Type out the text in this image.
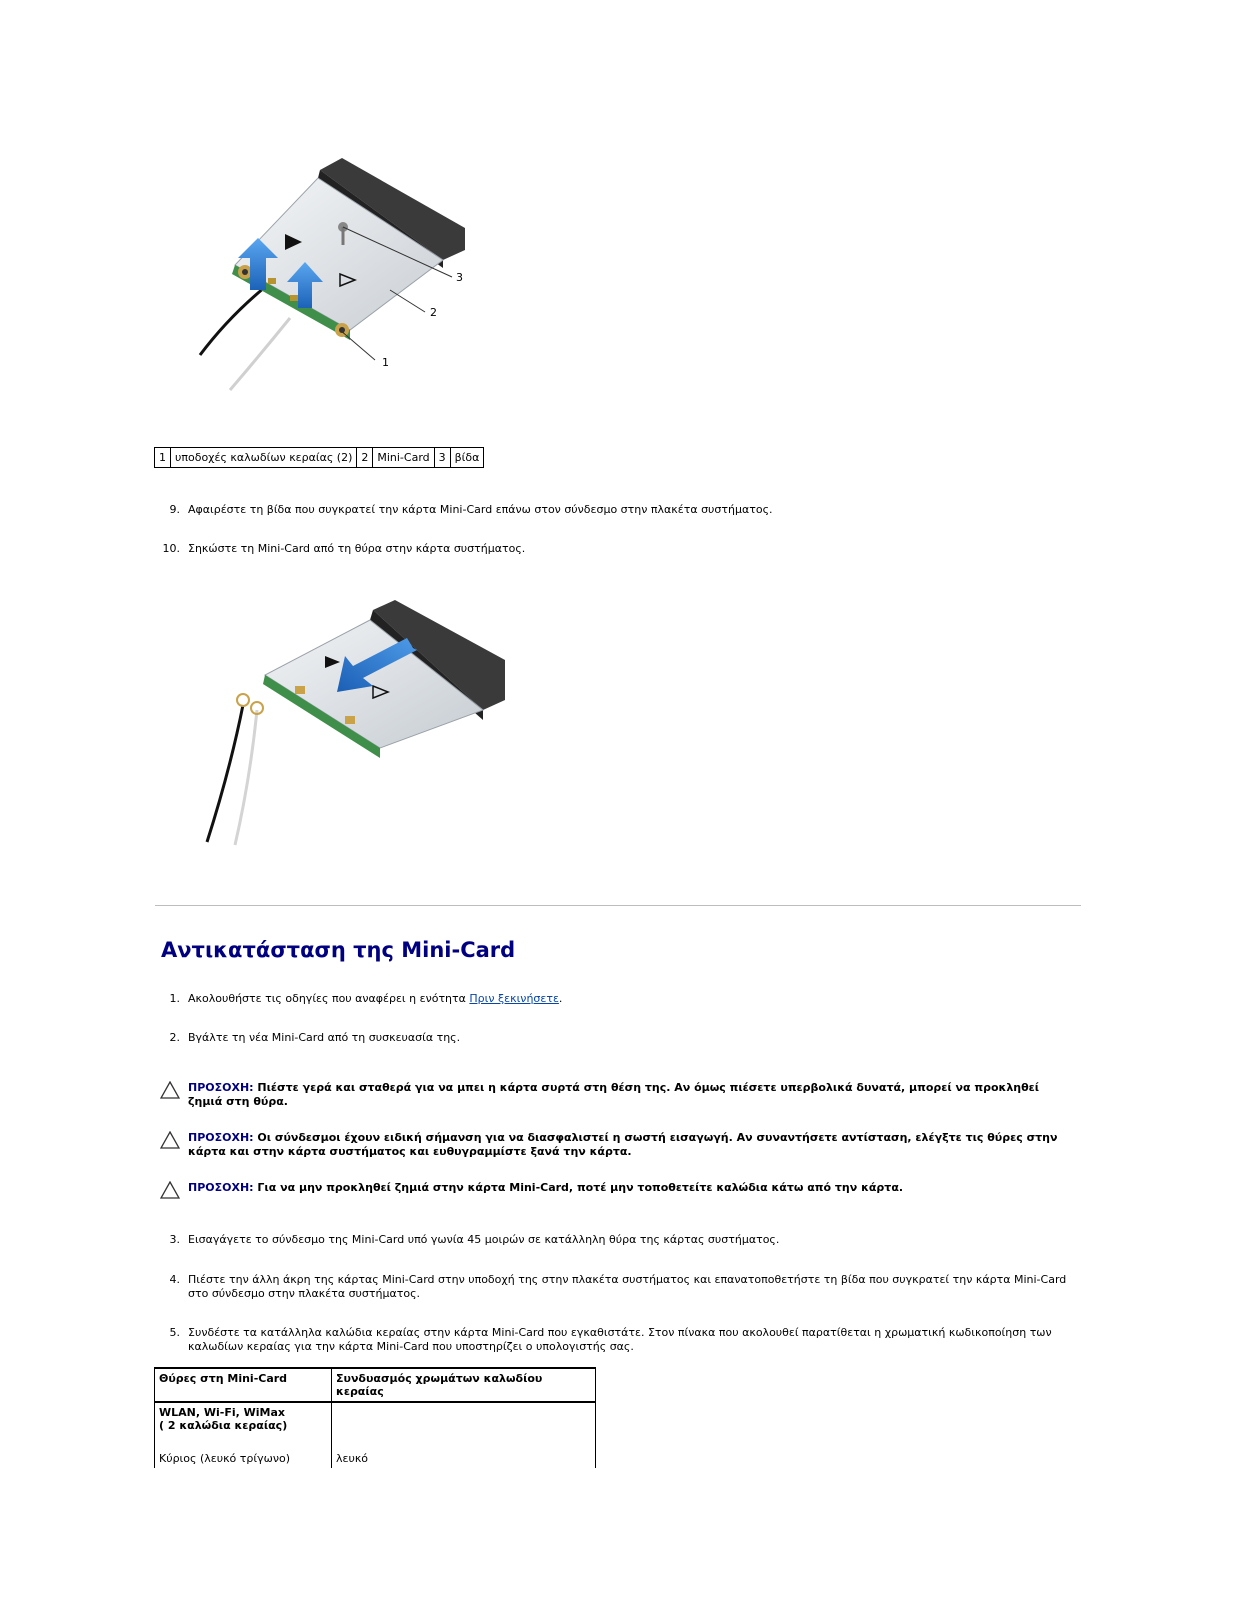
3
2
1
1	υποδοχές καλωδίων κεραίας (2)	2	Mini-Card	3	βίδα
9. Αφαιρέστε τη βίδα που συγκρατεί την κάρτα Mini-Card επάνω στον σύνδεσμο στην πλακέτα συστήματος.
10. Σηκώστε τη Mini-Card από τη θύρα στην κάρτα συστήματος.
Αντικατάσταση της Mini-Card
1. Ακολουθήστε τις οδηγίες που αναφέρει η ενότητα Πριν ξεκινήσετε.
2. Βγάλτε τη νέα Mini-Card από τη συσκευασία της.
ΠΡΟΣΟΧΗ: Πιέστε γερά και σταθερά για να μπει η κάρτα συρτά στη θέση της. Αν όμως πιέσετε υπερβολικά δυνατά, μπορεί να προκληθεί ζημιά στη θύρα.
ΠΡΟΣΟΧΗ: Οι σύνδεσμοι έχουν ειδική σήμανση για να διασφαλιστεί η σωστή εισαγωγή. Αν συναντήσετε αντίσταση, ελέγξτε τις θύρες στην κάρτα και στην κάρτα συστήματος και ευθυγραμμίστε ξανά την κάρτα.
ΠΡΟΣΟΧΗ: Για να μην προκληθεί ζημιά στην κάρτα Mini-Card, ποτέ μην τοποθετείτε καλώδια κάτω από την κάρτα.
3. Εισαγάγετε το σύνδεσμο της Mini-Card υπό γωνία 45 μοιρών σε κατάλληλη θύρα της κάρτας συστήματος.
4. Πιέστε την άλλη άκρη της κάρτας Mini-Card στην υποδοχή της στην πλακέτα συστήματος και επανατοποθετήστε τη βίδα που συγκρατεί την κάρτα Mini-Card στο σύνδεσμο στην πλακέτα συστήματος.
5. Συνδέστε τα κατάλληλα καλώδια κεραίας στην κάρτα Mini-Card που εγκαθιστάτε. Στον πίνακα που ακολουθεί παρατίθεται η χρωματική κωδικοποίηση των καλωδίων κεραίας για την κάρτα Mini-Card που υποστηρίζει ο υπολογιστής σας.
Θύρες στη Mini-Card	Συνδυασμός χρωμάτων καλωδίου κεραίας

WLAN, Wi-Fi, WiMax
( 2 καλώδια κεραίας)	

Κύριος (λευκό τρίγωνο)	λευκό
